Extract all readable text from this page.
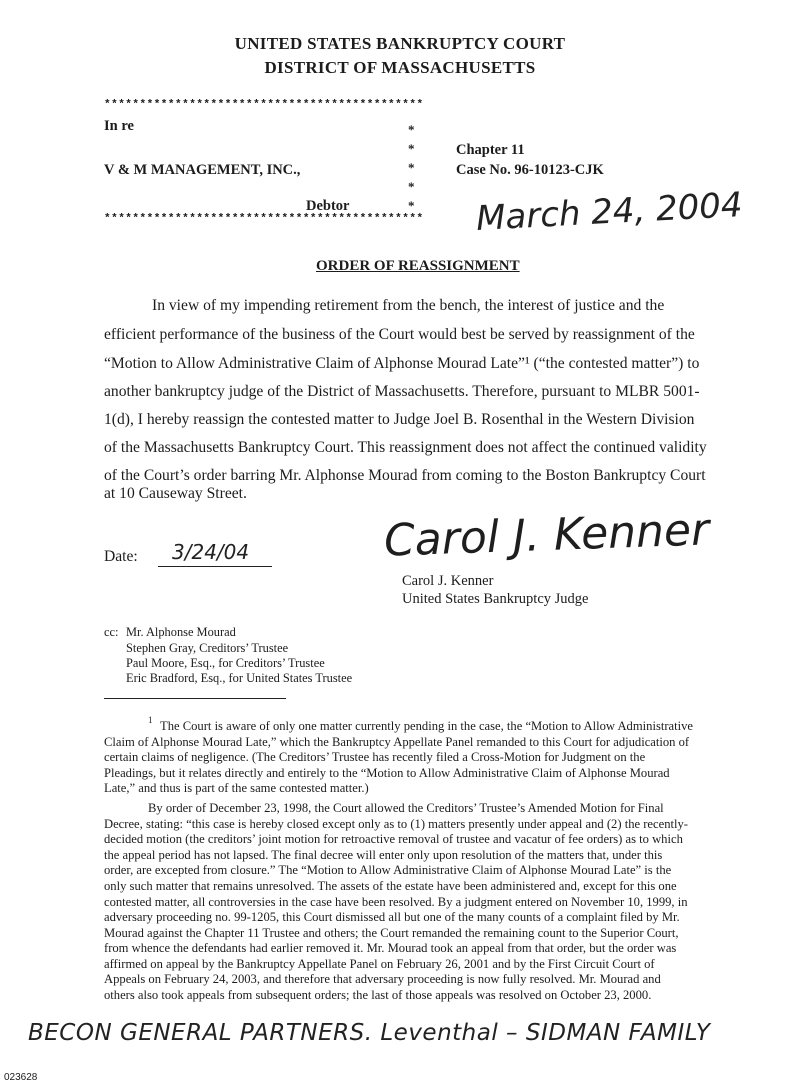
UNITED STATES BANKRUPTCY COURT
DISTRICT OF MASSACHUSETTS
*********************************************
In re
V & M MANAGEMENT, INC.,
Debtor
*********************************************
*
*
*
*
*
Chapter 11
Case No. 96-10123-CJK
March 24, 2004
ORDER OF REASSIGNMENT
In view of my impending retirement from the bench, the interest of justice and the
efficient performance of the business of the Court would best be served by reassignment of the
“Motion to Allow Administrative Claim of Alphonse Mourad Late”¹ (“the contested matter”) to
another bankruptcy judge of the District of Massachusetts. Therefore, pursuant to MLBR 5001-
1(d), I hereby reassign the contested matter to Judge Joel B. Rosenthal in the Western Division
of the Massachusetts Bankruptcy Court. This reassignment does not affect the continued validity
of the Court’s order barring Mr. Alphonse Mourad from coming to the Boston Bankruptcy Court
at 10 Causeway Street.
Date: 3/24/04	Carol J. Kenner
Carol J. Kenner
United States Bankruptcy Judge
cc: Mr. Alphonse Mourad
Stephen Gray, Creditors’ Trustee
Paul Moore, Esq., for Creditors’ Trustee
Eric Bradford, Esq., for United States Trustee
1 The Court is aware of only one matter currently pending in the case, the “Motion to Allow Administrative
Claim of Alphonse Mourad Late,” which the Bankruptcy Appellate Panel remanded to this Court for adjudication of
certain claims of negligence. (The Creditors’ Trustee has recently filed a Cross-Motion for Judgment on the
Pleadings, but it relates directly and entirely to the “Motion to Allow Administrative Claim of Alphonse Mourad
Late,” and thus is part of the same contested matter.)
By order of December 23, 1998, the Court allowed the Creditors’ Trustee’s Amended Motion for Final
Decree, stating: “this case is hereby closed except only as to (1) matters presently under appeal and (2) the recently-
decided motion (the creditors’ joint motion for retroactive removal of trustee and vacatur of fee orders) as to which
the appeal period has not lapsed. The final decree will enter only upon resolution of the matters that, under this
order, are excepted from closure.” The “Motion to Allow Administrative Claim of Alphonse Mourad Late” is the
only such matter that remains unresolved. The assets of the estate have been administered and, except for this one
contested matter, all controversies in the case have been resolved. By a judgment entered on November 10, 1999, in
adversary proceeding no. 99-1205, this Court dismissed all but one of the many counts of a complaint filed by Mr.
Mourad against the Chapter 11 Trustee and others; the Court remanded the remaining count to the Superior Court,
from whence the defendants had earlier removed it. Mr. Mourad took an appeal from that order, but the order was
affirmed on appeal by the Bankruptcy Appellate Panel on February 26, 2001 and by the First Circuit Court of
Appeals on February 24, 2003, and therefore that adversary proceeding is now fully resolved. Mr. Mourad and
others also took appeals from subsequent orders; the last of those appeals was resolved on October 23, 2000.
BECON GENERAL PARTNERS. Leventhal – SIDMAN FAMILY
023628
